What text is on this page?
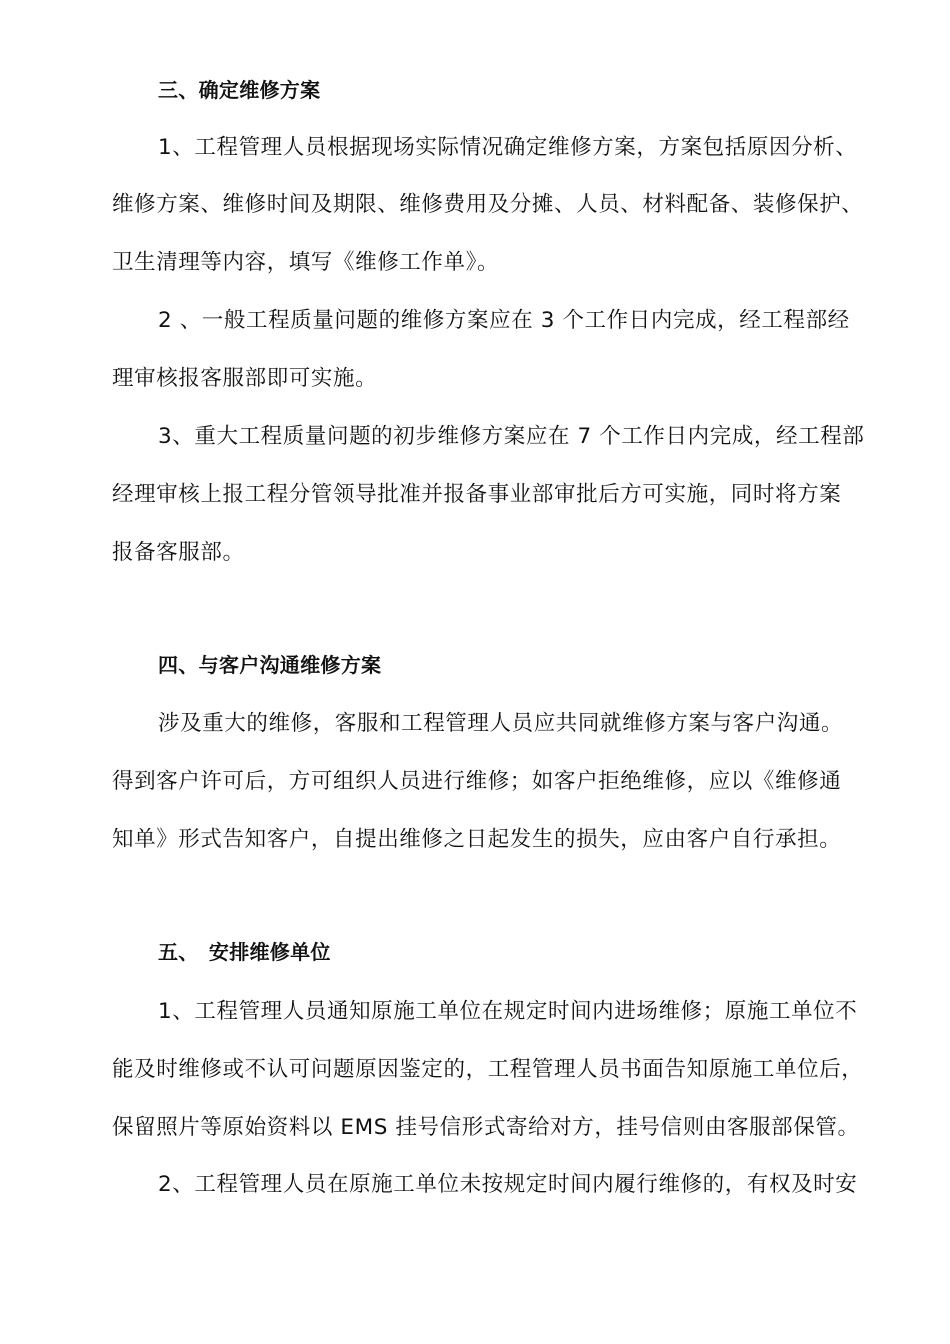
三、确定维修方案
1、工程管理人员根据现场实际情况确定维修方案，方案包括原因分析、
维修方案、维修时间及期限、维修费用及分摊、人员、材料配备、装修保护、
卫生清理等内容，填写《维修工作单》。
2 、一般工程质量问题的维修方案应在 3 个工作日内完成，经工程部经
理审核报客服部即可实施。
3、重大工程质量问题的初步维修方案应在 7 个工作日内完成，经工程部
经理审核上报工程分管领导批准并报备事业部审批后方可实施，同时将方案
报备客服部。
四、与客户沟通维修方案
涉及重大的维修，客服和工程管理人员应共同就维修方案与客户沟通。
得到客户许可后，方可组织人员进行维修；如客户拒绝维修，应以《维修通
知单》形式告知客户，自提出维修之日起发生的损失，应由客户自行承担。
五、　安排维修单位
1、工程管理人员通知原施工单位在规定时间内进场维修；原施工单位不
能及时维修或不认可问题原因鉴定的，工程管理人员书面告知原施工单位后，
保留照片等原始资料以 EMS 挂号信形式寄给对方，挂号信则由客服部保管。
2、工程管理人员在原施工单位未按规定时间内履行维修的，有权及时安
